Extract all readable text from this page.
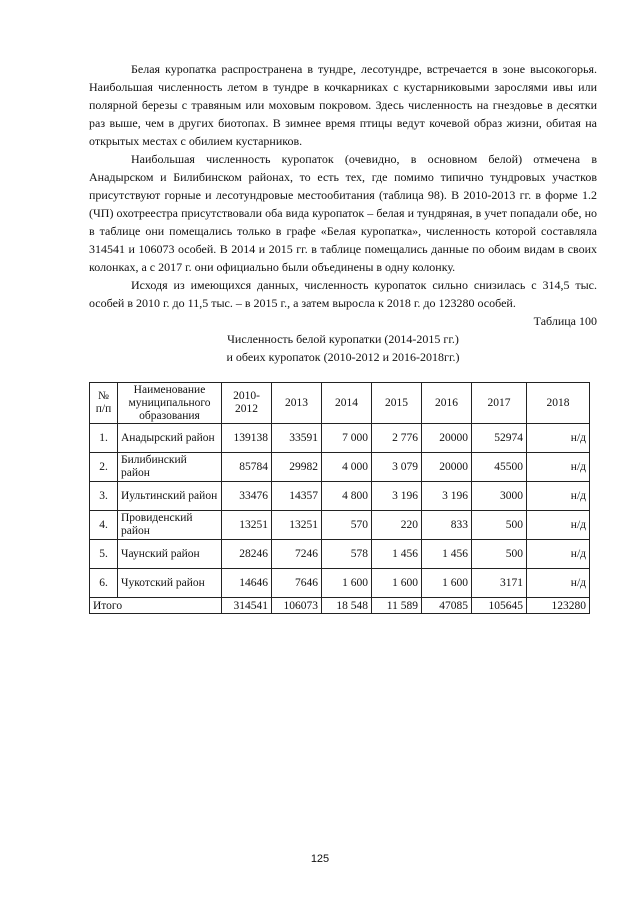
Белая куропатка распространена в тундре, лесотундре, встречается в зоне высокогорья. Наибольшая численность летом в тундре в кочкарниках с кустарниковыми зарослями ивы или полярной березы с травяным или моховым покровом. Здесь численность на гнездовье в десятки раз выше, чем в других биотопах. В зимнее время птицы ведут кочевой образ жизни, обитая на открытых местах с обилием кустарников.

Наибольшая численность куропаток (очевидно, в основном белой) отмечена в Анадырском и Билибинском районах, то есть тех, где помимо типично тундровых участков присутствуют горные и лесотундровые местообитания (таблица 98). В 2010-2013 гг. в форме 1.2 (ЧП) охотреестра присутствовали оба вида куропаток – белая и тундряная, в учет попадали обе, но в таблице они помещались только в графе «Белая куропатка», численность которой составляла 314541 и 106073 особей. В 2014 и 2015 гг. в таблице помещались данные по обоим видам в своих колонках, а с 2017 г. они официально были объединены в одну колонку.

Исходя из имеющихся данных, численность куропаток сильно снизилась с 314,5 тыс. особей в 2010 г. до 11,5 тыс. – в 2015 г., а затем выросла к 2018 г. до 123280 особей.

Таблица 100

Численность белой куропатки (2014-2015 гг.)

и обеих куропаток (2010-2012 и 2016-2018гг.)

№ п/п	Наименование муниципального образования	2010-2012	2013	2014	2015	2016	2017	2018
1.	Анадырский район	139138	33591	7 000	2 776	20000	52974	н/д
2.	Билибинский район	85784	29982	4 000	3 079	20000	45500	н/д
3.	Иультинский район	33476	14357	4 800	3 196	3 196	3000	н/д
4.	Провиденский район	13251	13251	570	220	833	500	н/д
5.	Чаунский район	28246	7246	578	1 456	1 456	500	н/д
6.	Чукотский район	14646	7646	1 600	1 600	1 600	3171	н/д
Итого		314541	106073	18 548	11 589	47085	105645	123280
125
